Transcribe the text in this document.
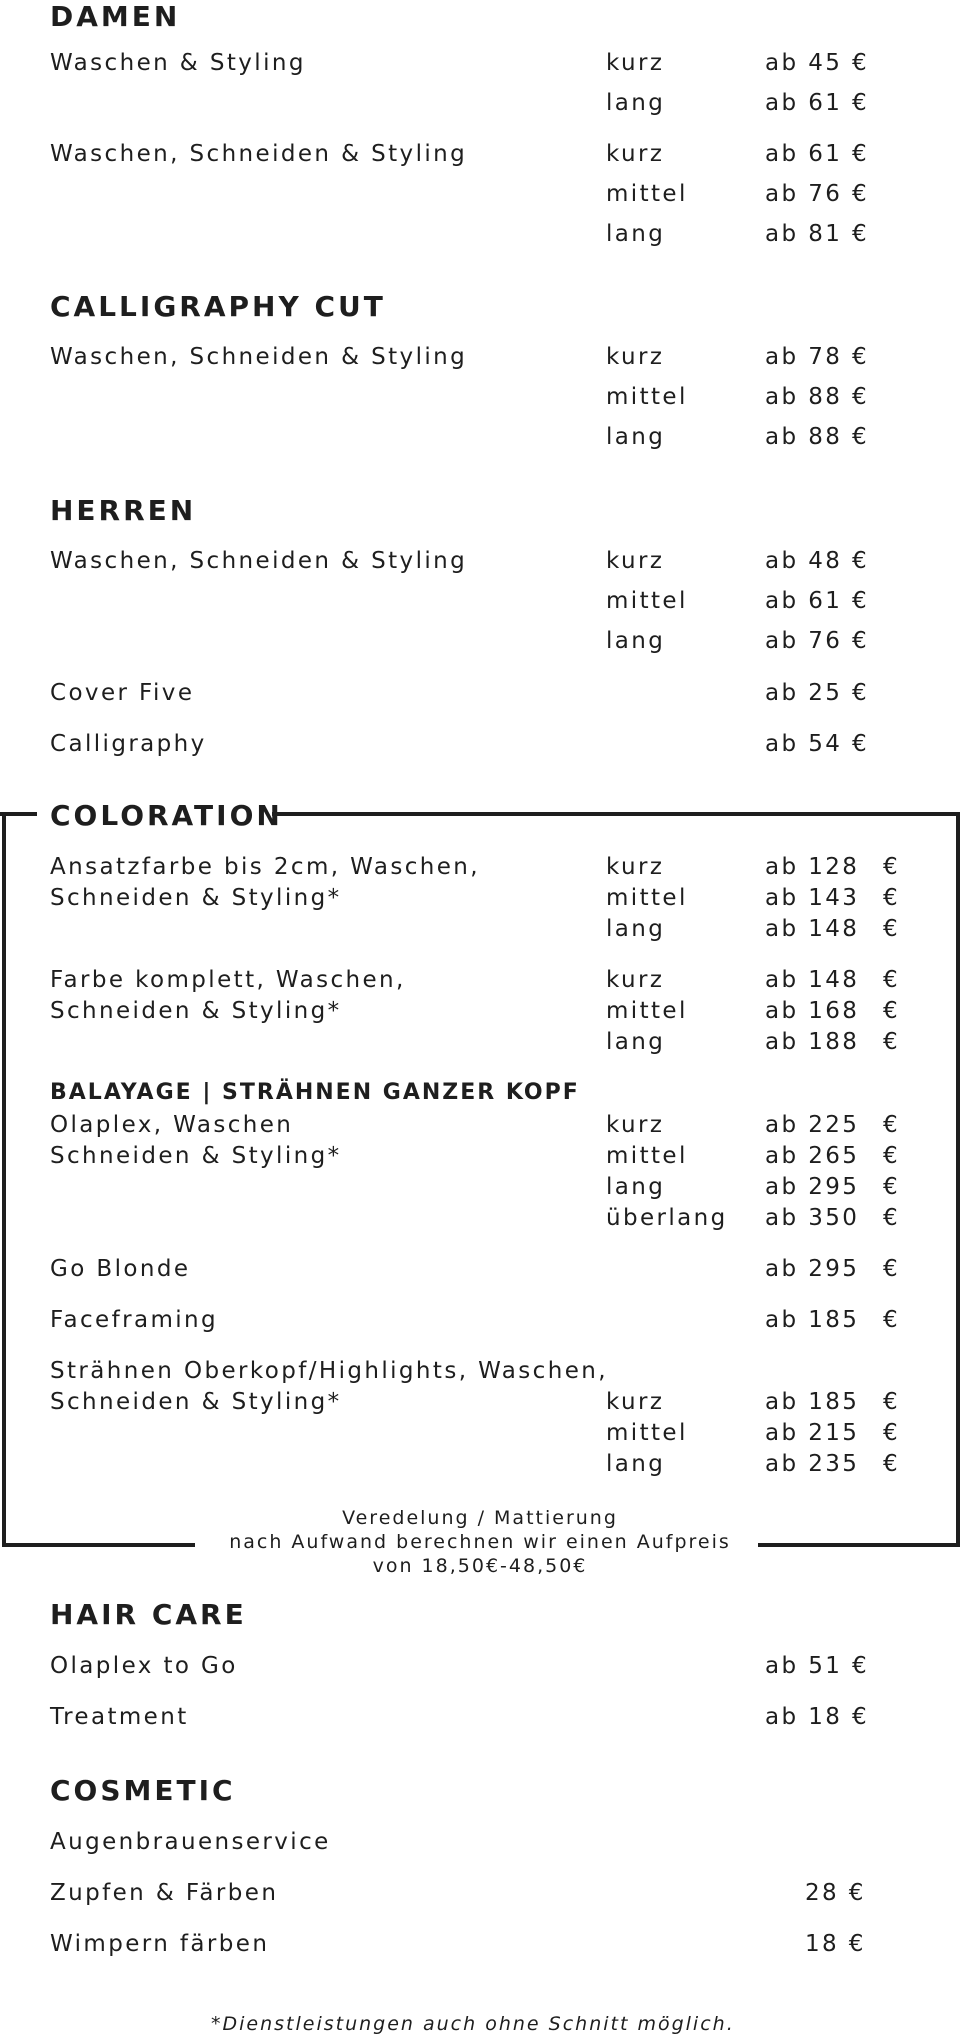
DAMEN
Waschen & Styling	kurz	ab 45 €
lang	ab 61 €
Waschen, Schneiden & Styling	kurz	ab 61 €
mittel	ab 76 €
lang	ab 81 €
CALLIGRAPHY CUT
Waschen, Schneiden & Styling	kurz	ab 78 €
mittel	ab 88 €
lang	ab 88 €
HERREN
Waschen, Schneiden & Styling	kurz	ab 48 €
mittel	ab 61 €
lang	ab 76 €
Cover Five	ab 25 €
Calligraphy	ab 54 €
COLORATION
Ansatzfarbe bis 2cm, Waschen,
Schneiden & Styling*
kurz	ab 128 €
mittel	ab 143 €
lang	ab 148 €
Farbe komplett, Waschen,
Schneiden & Styling*
kurz	ab 148 €
mittel	ab 168 €
lang	ab 188 €
BALAYAGE | STRÄHNEN GANZER KOPF
Olaplex, Waschen
Schneiden & Styling*
kurz	ab 225 €
mittel	ab 265 €
lang	ab 295 €
überlang ab 350 €
Go Blonde	ab 295 €
Faceframing	ab 185 €
Strähnen Oberkopf/Highlights, Waschen,
Schneiden & Styling*	kurz	ab 185 €
mittel	ab 215 €
lang	ab 235 €
Veredelung / Mattierung
nach Aufwand berechnen wir einen Aufpreis
von 18,50€-48,50€
HAIR CARE
Olaplex to Go	ab 51 €
Treatment	ab 18 €
COSMETIC
Augenbrauenservice
Zupfen & Färben	28 €
Wimpern färben	18 €
*Dienstleistungen auch ohne Schnitt möglich.
